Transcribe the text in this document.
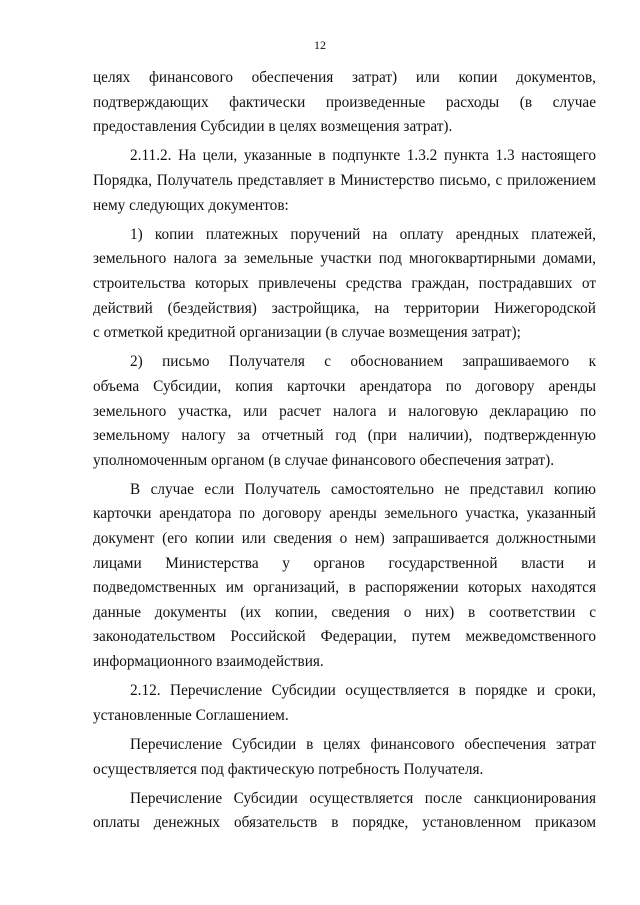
12
целях финансового обеспечения затрат) или копии документов,
подтверждающих фактически произведенные расходы (в случае
предоставления Субсидии в целях возмещения затрат).
2.11.2. На цели, указанные в подпункте 1.3.2 пункта 1.3 настоящего
Порядка, Получатель представляет в Министерство письмо, с приложением
нему следующих документов:
1) копии платежных поручений на оплату арендных платежей,
земельного налога за земельные участки под многоквартирными домами,
строительства которых привлечены средства граждан, пострадавших от
действий (бездействия) застройщика, на территории Нижегородской
с отметкой кредитной организации (в случае возмещения затрат);
2) письмо Получателя с обоснованием запрашиваемого к
объема Субсидии, копия карточки арендатора по договору аренды
земельного участка, или расчет налога и налоговую декларацию по
земельному налогу за отчетный год (при наличии), подтвержденную
уполномоченным органом (в случае финансового обеспечения затрат).
В случае если Получатель самостоятельно не представил копию
карточки арендатора по договору аренды земельного участка, указанный
документ (его копии или сведения о нем) запрашивается должностными
лицами Министерства у органов государственной власти и
подведомственных им организаций, в распоряжении которых находятся
данные документы (их копии, сведения о них) в соответствии с
законодательством Российской Федерации, путем межведомственного
информационного взаимодействия.
2.12. Перечисление Субсидии осуществляется в порядке и сроки,
установленные Соглашением.
Перечисление Субсидии в целях финансового обеспечения затрат
осуществляется под фактическую потребность Получателя.
Перечисление Субсидии осуществляется после санкционирования
оплаты денежных обязательств в порядке, установленном приказом
